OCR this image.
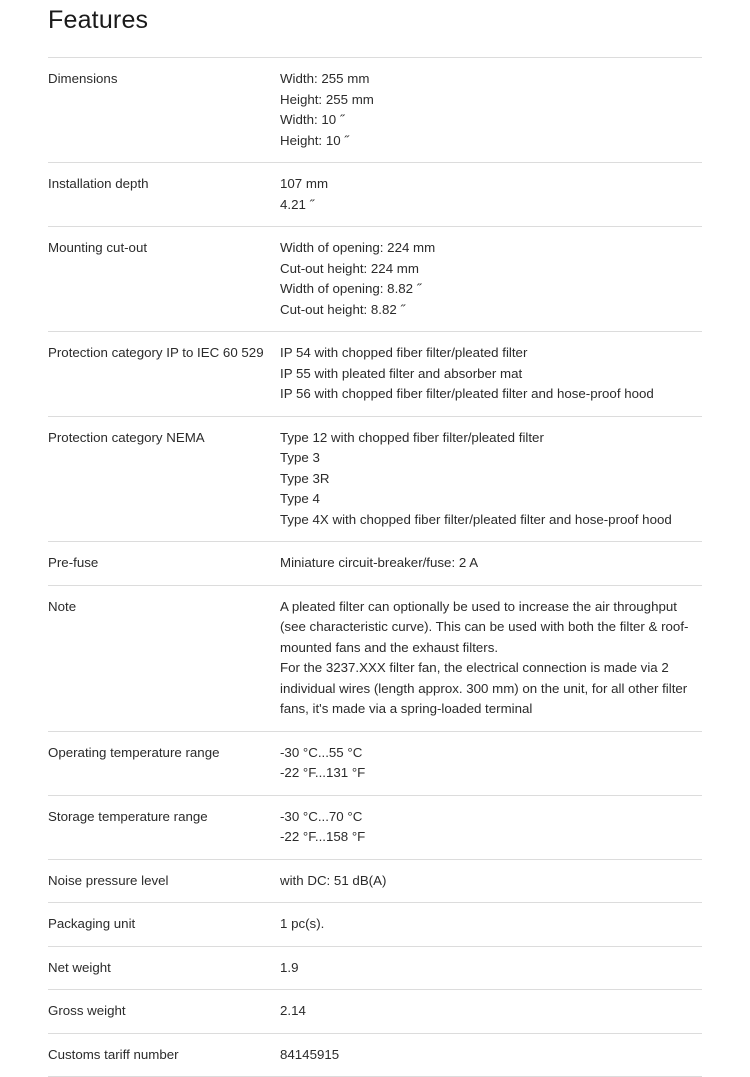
Features
Dimensions	Width: 255 mm
Height: 255 mm
Width: 10 ˝
Height: 10 ˝

Installation depth	107 mm
4.21 ˝

Mounting cut-out	Width of opening: 224 mm
Cut-out height: 224 mm
Width of opening: 8.82 ˝
Cut-out height: 8.82 ˝

Protection category IP to IEC 60 529	IP 54 with chopped fiber filter/pleated filter
IP 55 with pleated filter and absorber mat
IP 56 with chopped fiber filter/pleated filter and hose-proof hood

Protection category NEMA	Type 12 with chopped fiber filter/pleated filter
Type 3
Type 3R
Type 4
Type 4X with chopped fiber filter/pleated filter and hose-proof hood

Pre-fuse	Miniature circuit-breaker/fuse: 2 A

Note	A pleated filter can optionally be used to increase the air throughput (see characteristic curve). This can be used with both the filter & roof-mounted fans and the exhaust filters.
For the 3237.XXX filter fan, the electrical connection is made via 2 individual wires (length approx. 300 mm) on the unit, for all other filter fans, it's made via a spring-loaded terminal

Operating temperature range	-30 °C...55 °C
-22 °F...131 °F

Storage temperature range	-30 °C...70 °C
-22 °F...158 °F

Noise pressure level	with DC: 51 dB(A)

Packaging unit	1 pc(s).

Net weight	1.9

Gross weight	2.14

Customs tariff number	84145915
